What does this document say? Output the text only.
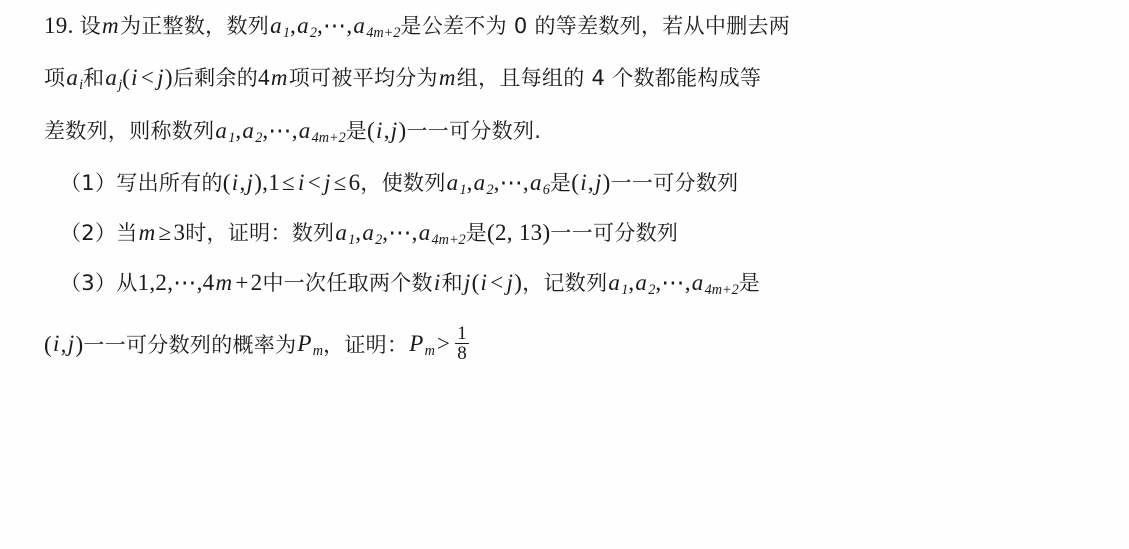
19. 设m为正整数，数列$a_1,a_2,\cdots,a_{4m+2}$是公差不为 0 的等差数列，若从中删去两
项$a_i$和$a_j(i < j)$后剩余的4m项可被平均分为m组，且每组的 4 个数都能构成等
差数列，则称数列$a_1,a_2,\cdots,a_{4m+2}$是(i,j)一一可分数列.
（1）写出所有的(i,j),1≤ i < j ≤6，使数列$a_1,a_2,\cdots,a_6$是(i,j)一一可分数列
（2）当m ≥3时，证明：数列$a_1,a_2,\cdots,a_{4m+2}$是(2, 13)一一可分数列
（3）从1,2,⋯,4m +2中一次任取两个数i和j(i < j)，记数列$a_1,a_2,\cdots,a_{4m+2}$是
(i,j)一一可分数列的概率为$P_m$，证明：$P_m> \frac{1}{8}$
